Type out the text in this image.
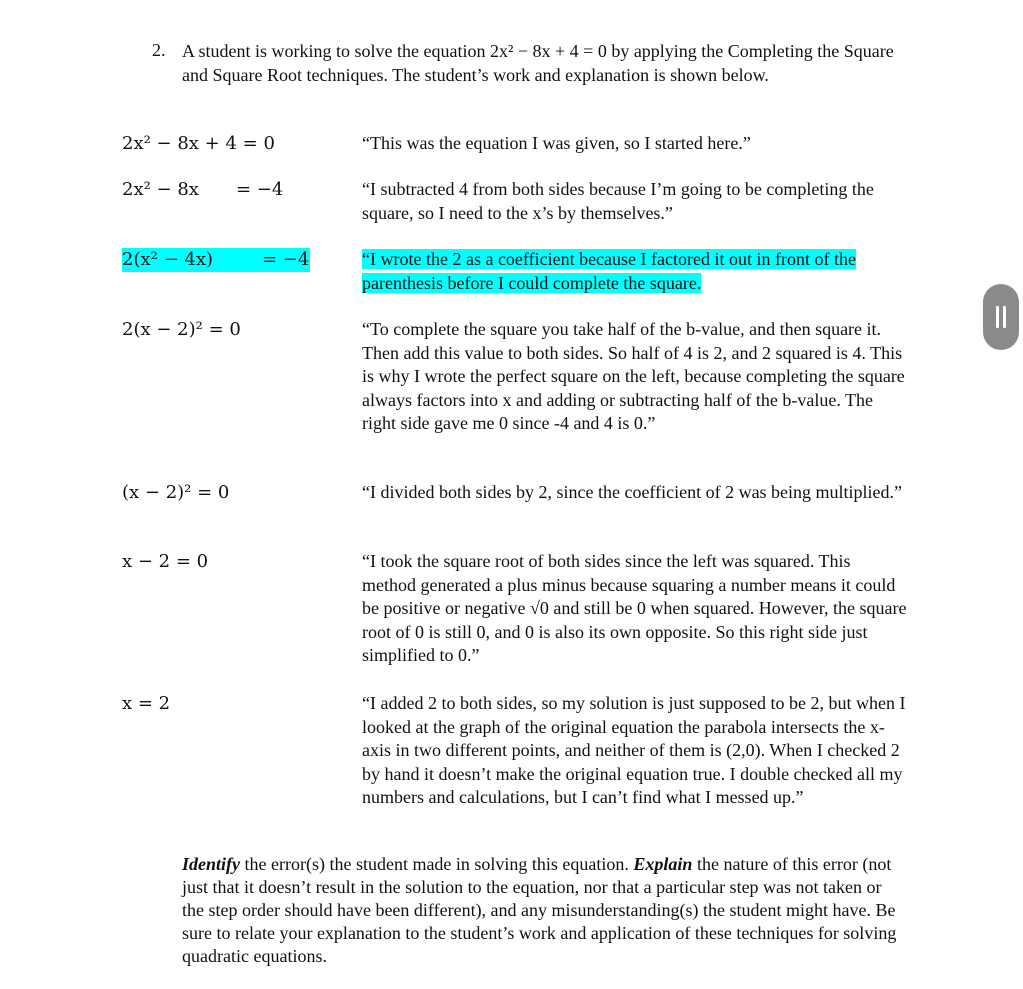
2. A student is working to solve the equation 2x² − 8x + 4 = 0 by applying the Completing the Square and Square Root techniques. The student’s work and explanation is shown below.
2x² − 8x + 4 = 0	“This was the equation I was given, so I started here.”
2x² − 8x = −4	“I subtracted 4 from both sides because I’m going to be completing the square, so I need to the x’s by themselves.”
2(x² − 4x)	= −4	“I wrote the 2 as a coefficient because I factored it out in front of the parenthesis before I could complete the square.
2(x − 2)² = 0	“To complete the square you take half of the b-value, and then square it. Then add this value to both sides. So half of 4 is 2, and 2 squared is 4. This is why I wrote the perfect square on the left, because completing the square always factors into x and adding or subtracting half of the b-value. The right side gave me 0 since -4 and 4 is 0.”
(x − 2)² = 0	“I divided both sides by 2, since the coefficient of 2 was being multiplied.”
x − 2 = 0	“I took the square root of both sides since the left was squared. This method generated a plus minus because squaring a number means it could be positive or negative √0 and still be 0 when squared. However, the square root of 0 is still 0, and 0 is also its own opposite. So this right side just simplified to 0.”
x = 2	“I added 2 to both sides, so my solution is just supposed to be 2, but when I looked at the graph of the original equation the parabola intersects the x-axis in two different points, and neither of them is (2,0). When I checked 2 by hand it doesn’t make the original equation true. I double checked all my numbers and calculations, but I can’t find what I messed up.”
Identify the error(s) the student made in solving this equation. Explain the nature of this error (not just that it doesn’t result in the solution to the equation, nor that a particular step was not taken or the step order should have been different), and any misunderstanding(s) the student might have. Be sure to relate your explanation to the student’s work and application of these techniques for solving quadratic equations.
